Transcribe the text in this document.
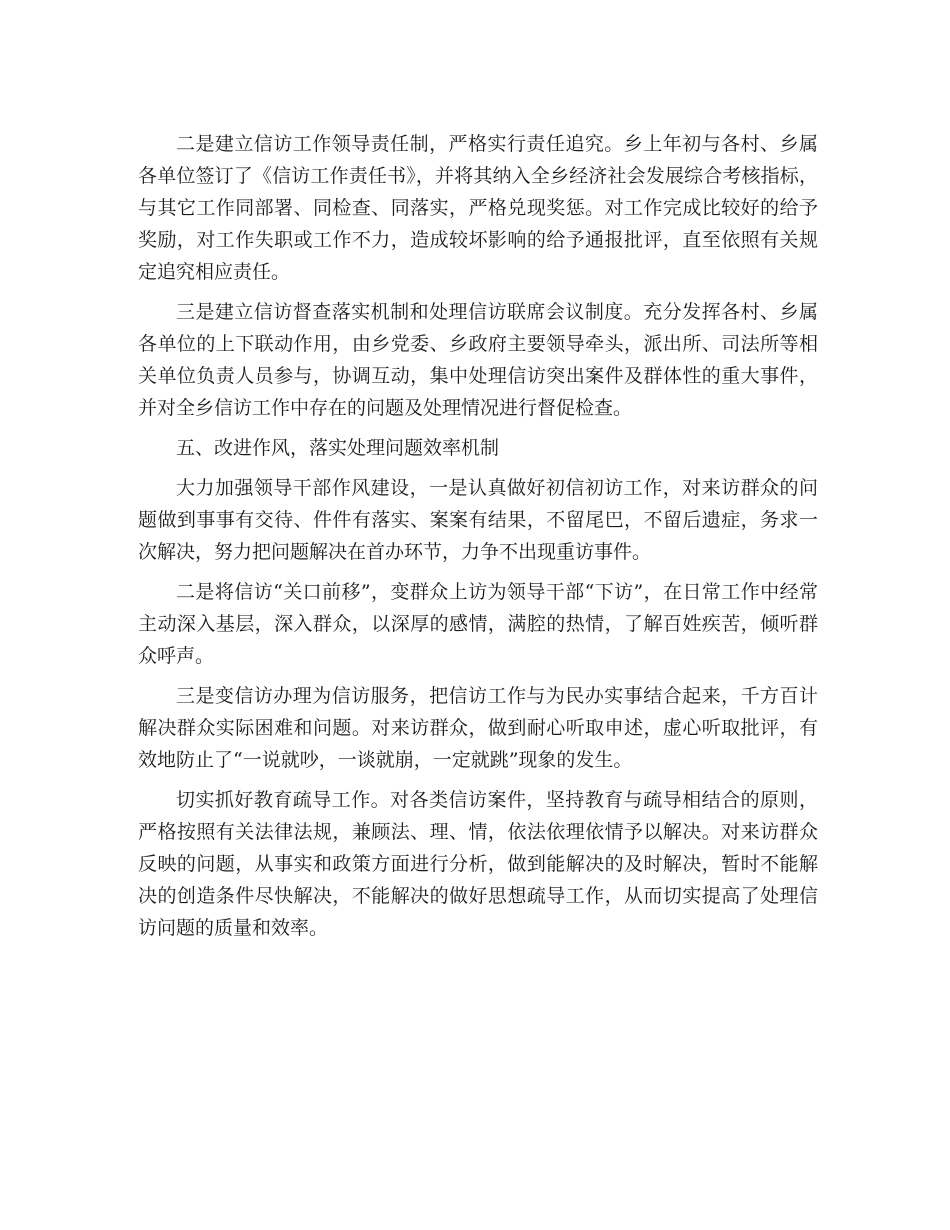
二是建立信访工作领导责任制，严格实行责任追究。乡上年初与各村、乡属各单位签订了《信访工作责任书》，并将其纳入全乡经济社会发展综合考核指标，与其它工作同部署、同检查、同落实，严格兑现奖惩。对工作完成比较好的给予奖励，对工作失职或工作不力，造成较坏影响的给予通报批评，直至依照有关规定追究相应责任。

三是建立信访督查落实机制和处理信访联席会议制度。充分发挥各村、乡属各单位的上下联动作用，由乡党委、乡政府主要领导牵头，派出所、司法所等相关单位负责人员参与，协调互动，集中处理信访突出案件及群体性的重大事件，并对全乡信访工作中存在的问题及处理情况进行督促检查。

五、改进作风，落实处理问题效率机制

大力加强领导干部作风建设，一是认真做好初信初访工作，对来访群众的问题做到事事有交待、件件有落实、案案有结果，不留尾巴，不留后遗症，务求一次解决，努力把问题解决在首办环节，力争不出现重访事件。

二是将信访“关口前移”，变群众上访为领导干部“下访”，在日常工作中经常主动深入基层，深入群众，以深厚的感情，满腔的热情，了解百姓疾苦，倾听群众呼声。

三是变信访办理为信访服务，把信访工作与为民办实事结合起来，千方百计解决群众实际困难和问题。对来访群众，做到耐心听取申述，虚心听取批评，有效地防止了“一说就吵，一谈就崩，一定就跳”现象的发生。

切实抓好教育疏导工作。对各类信访案件，坚持教育与疏导相结合的原则，严格按照有关法律法规，兼顾法、理、情，依法依理依情予以解决。对来访群众反映的问题，从事实和政策方面进行分析，做到能解决的及时解决，暂时不能解决的创造条件尽快解决，不能解决的做好思想疏导工作，从而切实提高了处理信访问题的质量和效率。
